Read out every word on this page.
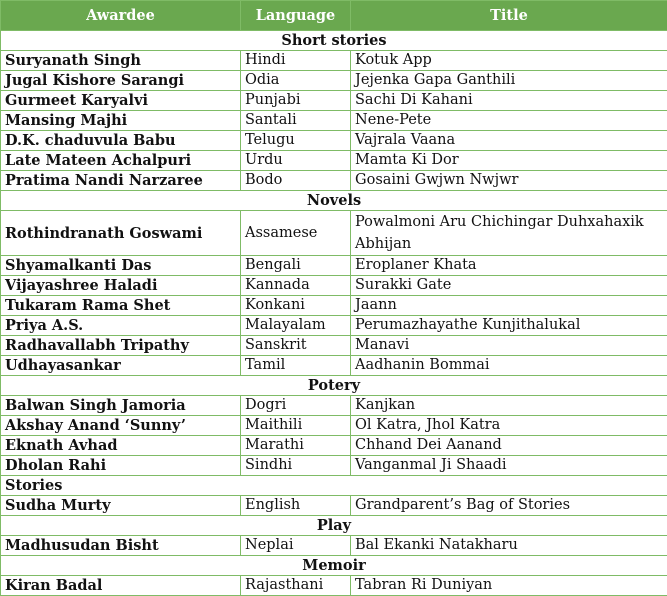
Awardee	Language	Title
Short stories		
Suryanath Singh	Hindi	Kotuk App
Jugal Kishore Sarangi	Odia	Jejenka Gapa Ganthili
Gurmeet Karyalvi	Punjabi	Sachi Di Kahani
Mansing Majhi	Santali	Nene-Pete
D.K. chaduvula Babu	Telugu	Vajrala Vaana
Late Mateen Achalpuri	Urdu	Mamta Ki Dor
Pratima Nandi Narzaree	Bodo	Gosaini Gwjwn Nwjwr
Novels		
Rothindranath Goswami	Assamese	Powalmoni Aru Chichingar Duhxahaxik Abhijan
Shyamalkanti Das	Bengali	Eroplaner Khata
Vijayashree Haladi	Kannada	Surakki Gate
Tukaram Rama Shet	Konkani	Jaann
Priya A.S.	Malayalam	Perumazhayathe Kunjithalukal
Radhavallabh Tripathy	Sanskrit	Manavi
Udhayasankar	Tamil	Aadhanin Bommai
Potery		
Balwan Singh Jamoria	Dogri	Kanjkan
Akshay Anand ‘Sunny’	Maithili	Ol Katra, Jhol Katra
Eknath Avhad	Marathi	Chhand Dei Aanand
Dholan Rahi	Sindhi	Vanganmal Ji Shaadi
Stories		
Sudha Murty	English	Grandparent’s Bag of Stories
Play		
Madhusudan Bisht	Neplai	Bal Ekanki Natakharu
Memoir		
Kiran Badal	Rajasthani	Tabran Ri Duniyan
